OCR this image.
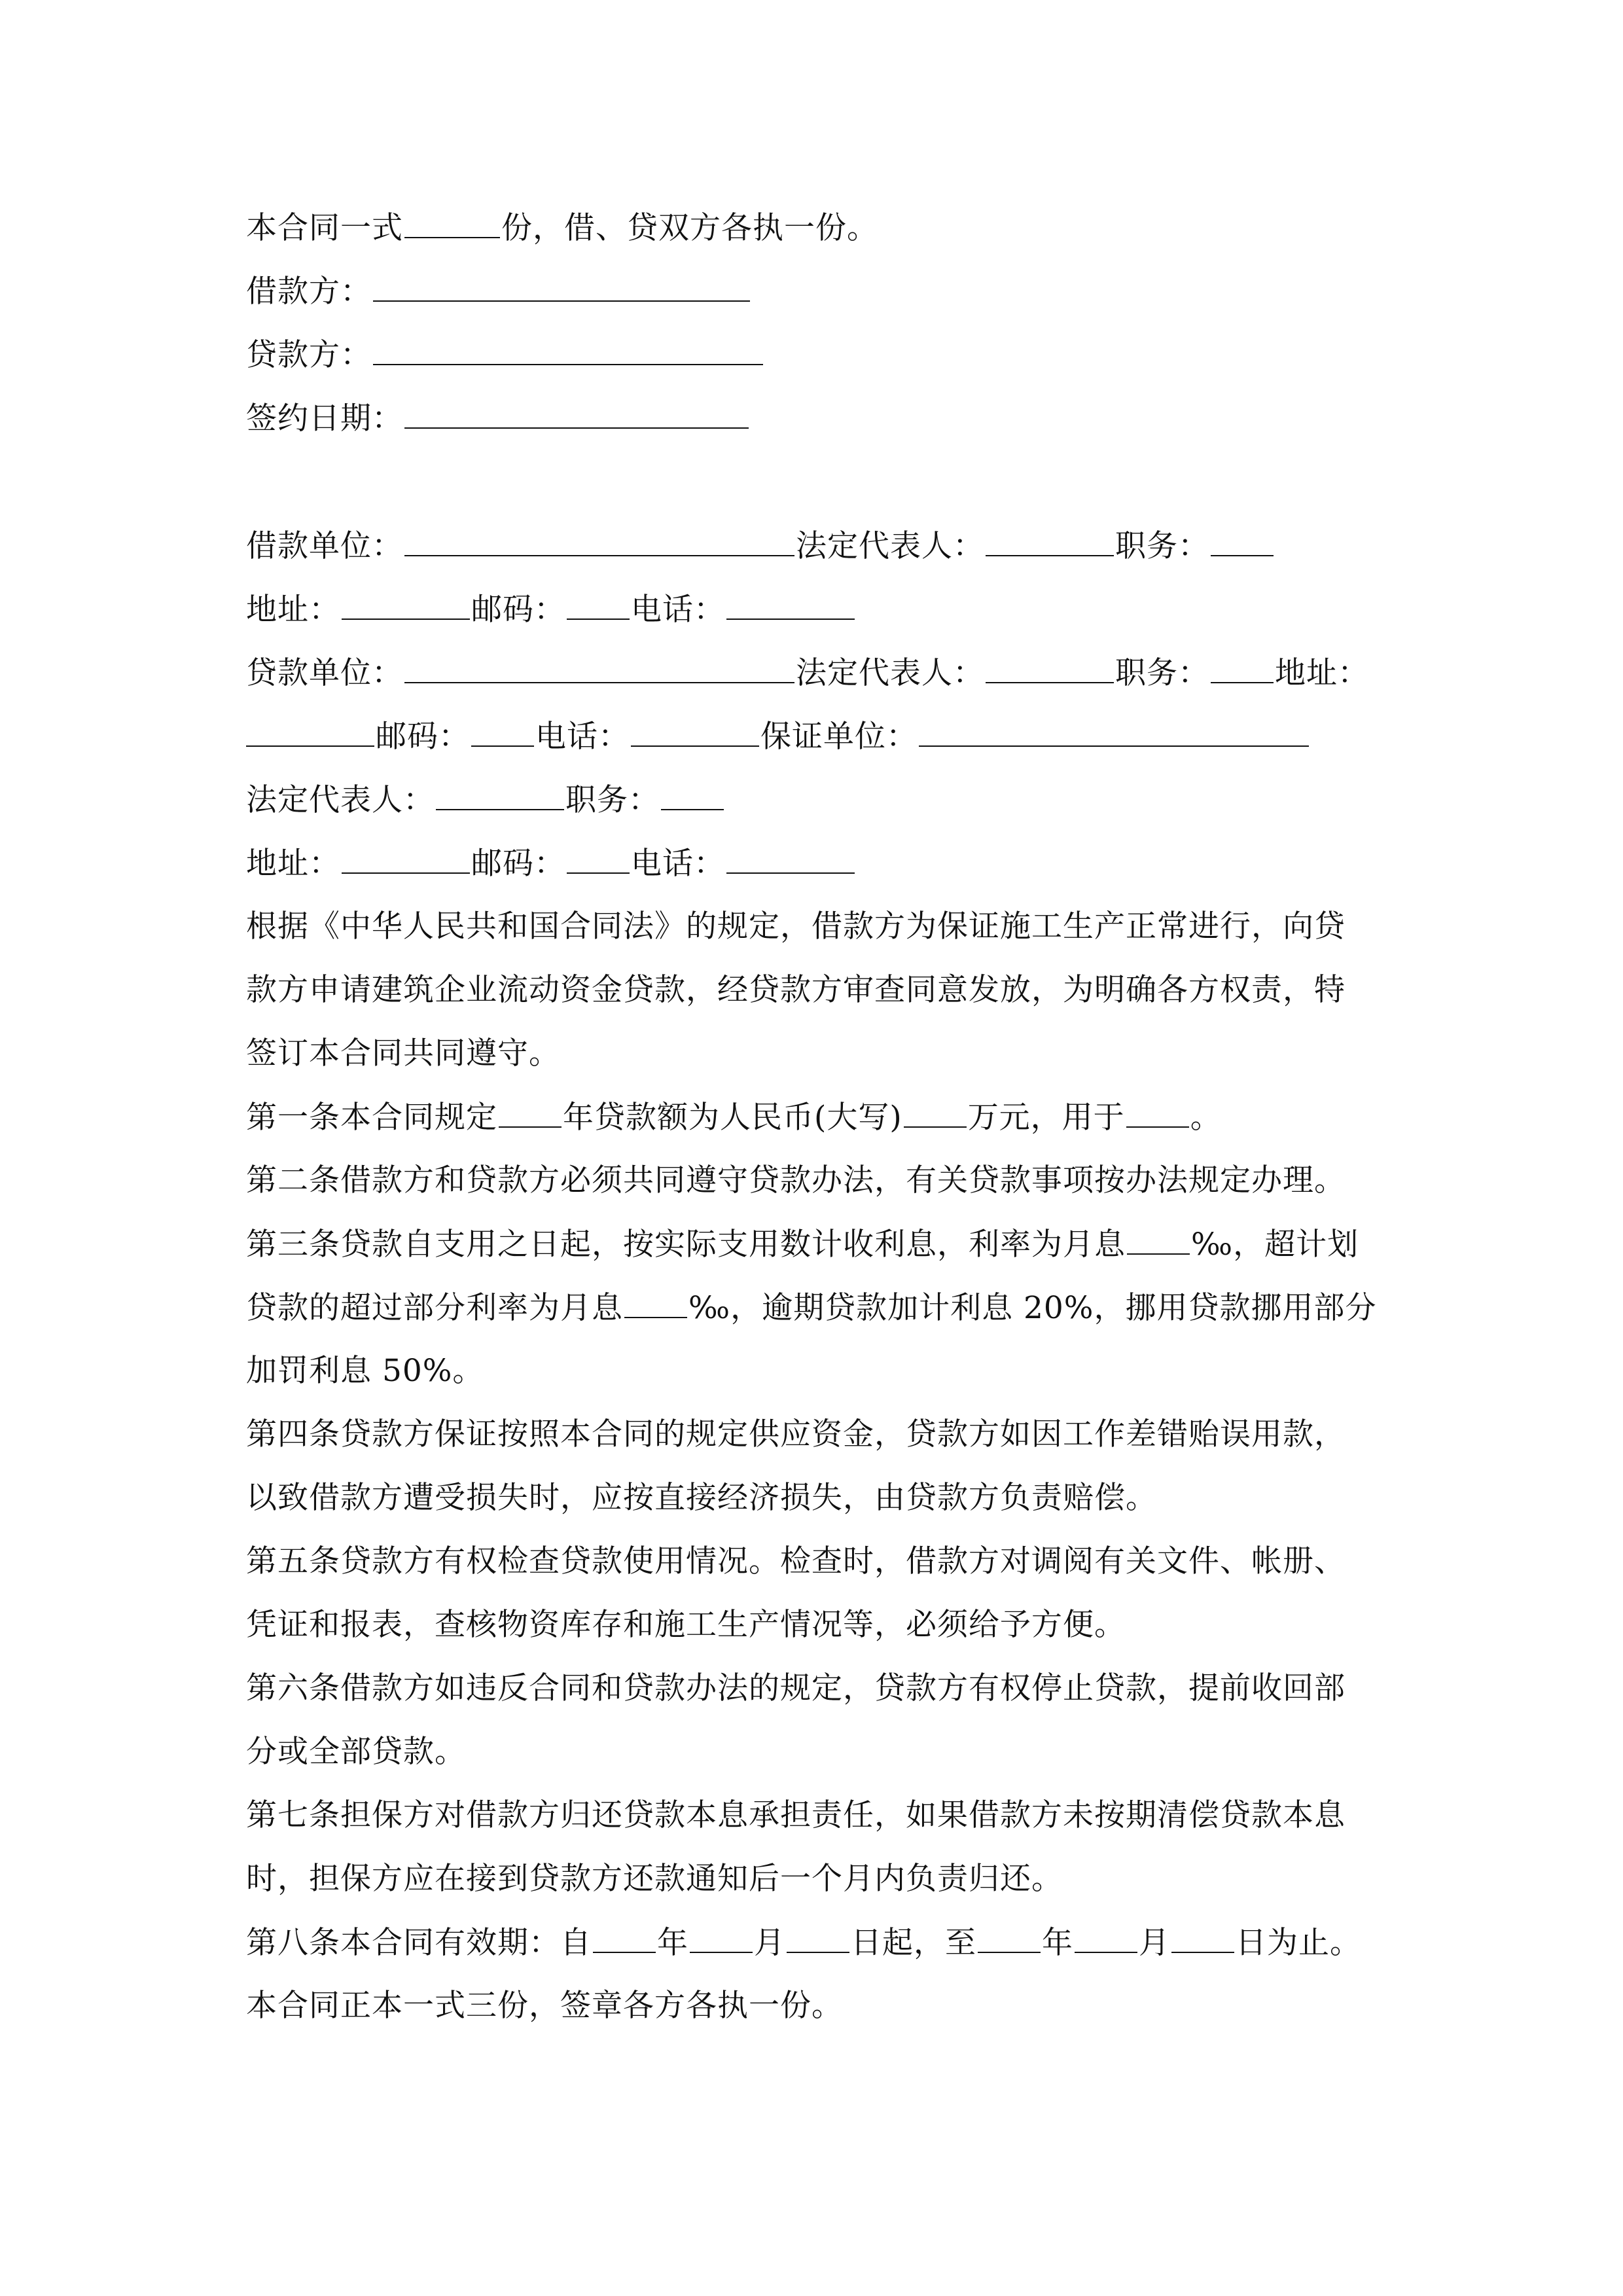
本合同一式	份，借、贷双方各执一份。
借款方：
贷款方：
签约日期：
借款单位：	法定代表人：	职务：
地址：	邮码： 电话：
贷款单位：	法定代表人：	职务： 地址：
邮码： 电话：	保证单位：
法定代表人：	职务：
地址：	邮码： 电话：
根据《中华人民共和国合同法》的规定，借款方为保证施工生产正常进行，向贷
款方申请建筑企业流动资金贷款，经贷款方审查同意发放，为明确各方权责，特
签订本合同共同遵守。
第一条本合同规定 年贷款额为人民币(大写) 万元，用于 。
第二条借款方和贷款方必须共同遵守贷款办法，有关贷款事项按办法规定办理。
第三条贷款自支用之日起，按实际支用数计收利息，利率为月息 ‰，超计划
贷款的超过部分利率为月息 ‰，逾期贷款加计利息 20%，挪用贷款挪用部分
加罚利息 50%。
第四条贷款方保证按照本合同的规定供应资金，贷款方如因工作差错贻误用款，
以致借款方遭受损失时，应按直接经济损失，由贷款方负责赔偿。
第五条贷款方有权检查贷款使用情况。检查时，借款方对调阅有关文件、帐册、
凭证和报表，查核物资库存和施工生产情况等，必须给予方便。
第六条借款方如违反合同和贷款办法的规定，贷款方有权停止贷款，提前收回部
分或全部贷款。
第七条担保方对借款方归还贷款本息承担责任，如果借款方未按期清偿贷款本息
时，担保方应在接到贷款方还款通知后一个月内负责归还。
第八条本合同有效期：自 年 月 日起，至 年 月 日为止。
本合同正本一式三份，签章各方各执一份。
